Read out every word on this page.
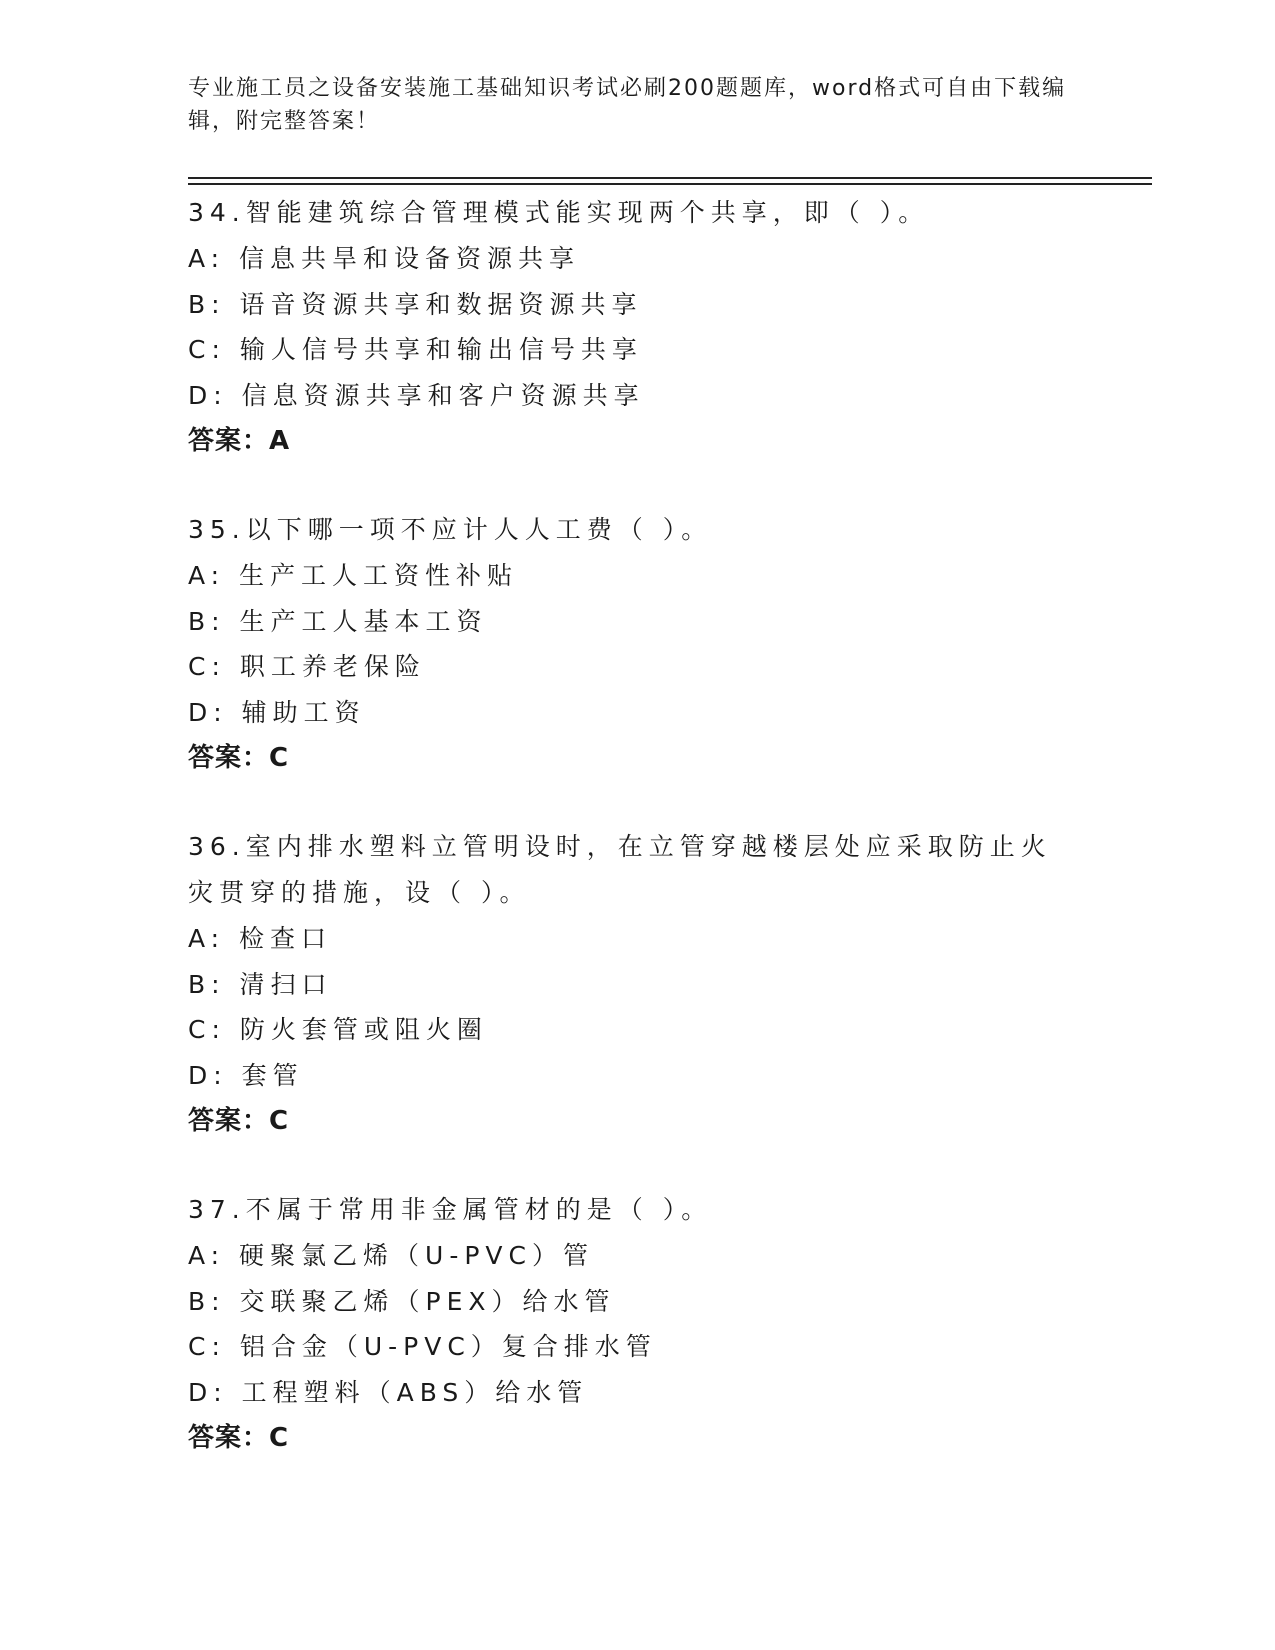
专业施工员之设备安装施工基础知识考试必刷200题题库，word格式可自由下载编辑，附完整答案！
34.智能建筑综合管理模式能实现两个共享，即（ ）。
A: 信息共旱和设备资源共享
B: 语音资源共享和数据资源共享
C: 输人信号共享和输出信号共享
D: 信息资源共享和客户资源共享
答案：A
35.以下哪一项不应计人人工费（ ）。
A: 生产工人工资性补贴
B: 生产工人基本工资
C: 职工养老保险
D: 辅助工资
答案：C
36.室内排水塑料立管明设时，在立管穿越楼层处应采取防止火灾贯穿的措施，设（ ）。
A: 检查口
B: 清扫口
C: 防火套管或阻火圈
D: 套管
答案：C
37.不属于常用非金属管材的是（ ）。
A: 硬聚氯乙烯（U-PVC）管
B: 交联聚乙烯（PEX）给水管
C: 铝合金（U-PVC）复合排水管
D: 工程塑料（ABS）给水管
答案：C
